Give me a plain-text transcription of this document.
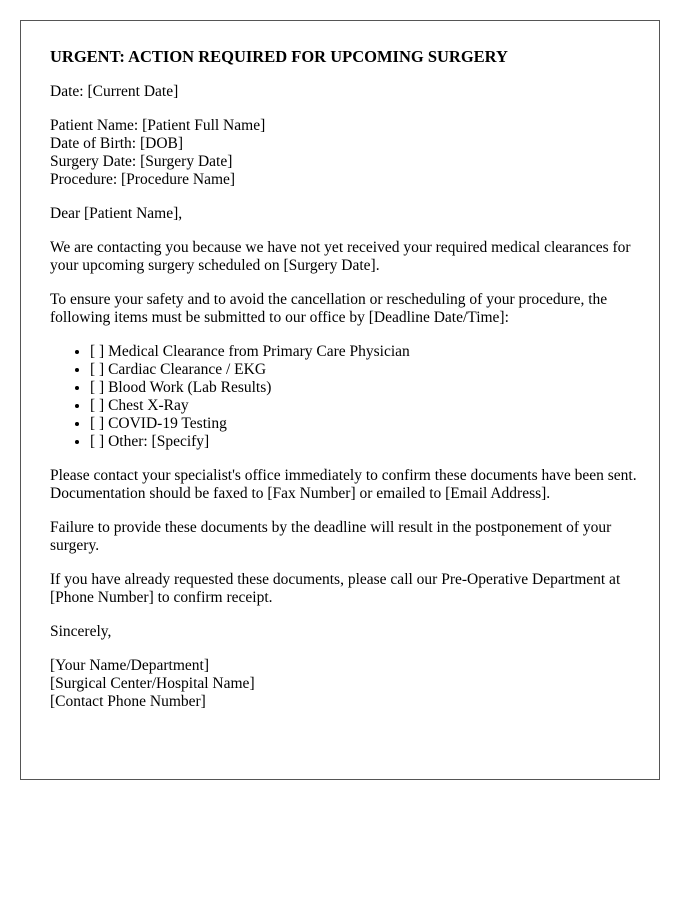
URGENT: ACTION REQUIRED FOR UPCOMING SURGERY

Date: [Current Date]

Patient Name: [Patient Full Name]
Date of Birth: [DOB]
Surgery Date: [Surgery Date]
Procedure: [Procedure Name]

Dear [Patient Name],

We are contacting you because we have not yet received your required medical clearances for your upcoming surgery scheduled on [Surgery Date].

To ensure your safety and to avoid the cancellation or rescheduling of your procedure, the following items must be submitted to our office by [Deadline Date/Time]:

• [ ] Medical Clearance from Primary Care Physician
• [ ] Cardiac Clearance / EKG
• [ ] Blood Work (Lab Results)
• [ ] Chest X-Ray
• [ ] COVID-19 Testing
• [ ] Other: [Specify]

Please contact your specialist's office immediately to confirm these documents have been sent. Documentation should be faxed to [Fax Number] or emailed to [Email Address].

Failure to provide these documents by the deadline will result in the postponement of your surgery.

If you have already requested these documents, please call our Pre-Operative Department at [Phone Number] to confirm receipt.

Sincerely,

[Your Name/Department]
[Surgical Center/Hospital Name]
[Contact Phone Number]
